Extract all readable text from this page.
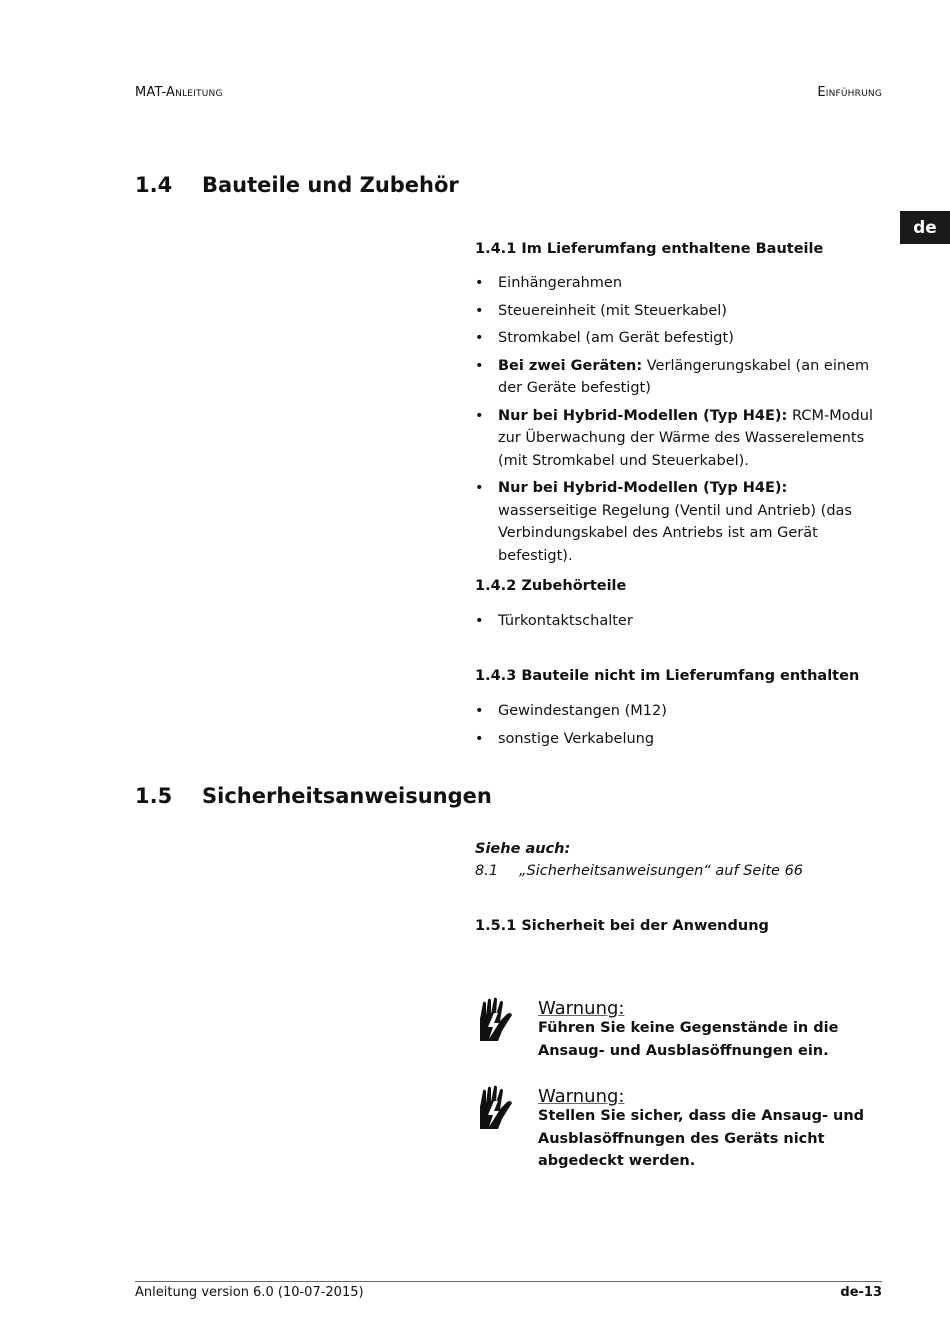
MAT-Anleitung	Einführung
de
1.4 Bauteile und Zubehör
1.4.1 Im Lieferumfang enthaltene Bauteile
• Einhängerahmen
• Steuereinheit (mit Steuerkabel)
• Stromkabel (am Gerät befestigt)
• Bei zwei Geräten: Verlängerungskabel (an einem der Geräte befestigt)
• Nur bei Hybrid-Modellen (Typ H4E): RCM-Modul zur Überwachung der Wärme des Wasserelements (mit Stromkabel und Steuerkabel).
• Nur bei Hybrid-Modellen (Typ H4E): wasserseitige Regelung (Ventil und Antrieb) (das Verbindungskabel des Antriebs ist am Gerät befestigt).
1.4.2 Zubehörteile
• Türkontaktschalter
1.4.3 Bauteile nicht im Lieferumfang enthalten
• Gewindestangen (M12)
• sonstige Verkabelung
1.5 Sicherheitsanweisungen
Siehe auch:
8.1 „Sicherheitsanweisungen“ auf Seite 66
1.5.1 Sicherheit bei der Anwendung
Warnung:
Führen Sie keine Gegenstände in die Ansaug- und Ausblasöffnungen ein.
Warnung:
Stellen Sie sicher, dass die Ansaug- und Ausblasöffnungen des Geräts nicht abgedeckt werden.
Anleitung version 6.0 (10-07-2015)	de-13
